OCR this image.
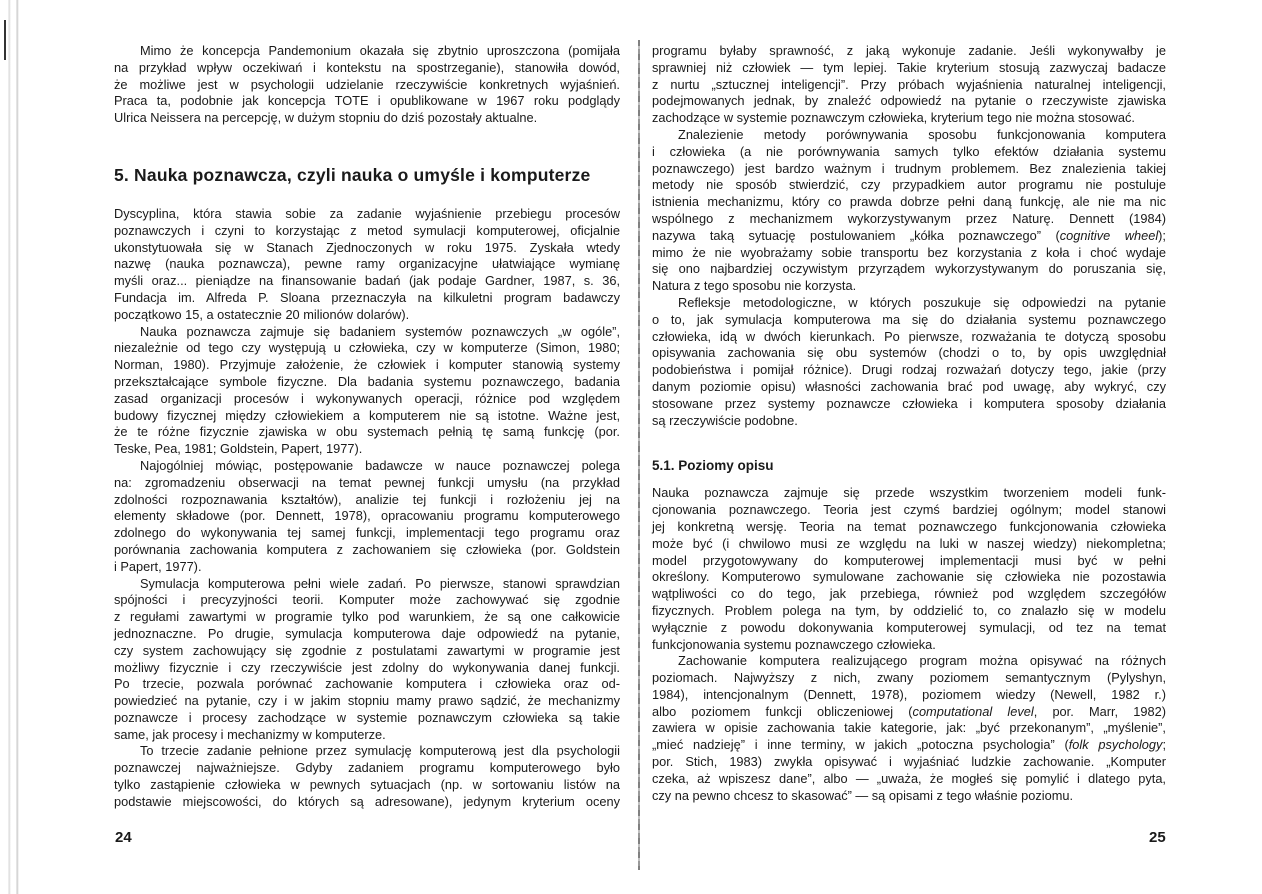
Mimo że koncepcja Pandemonium okazała się zbytnio uproszczona (pomijała
na przykład wpływ oczekiwań i kontekstu na spostrzeganie), stanowiła dowód,
że możliwe jest w psychologii udzielanie rzeczywiście konkretnych wyjaśnień.
Praca ta, podobnie jak koncepcja TOTE i opublikowane w 1967 roku podglądy
Ulrica Neissera na percepcję, w dużym stopniu do dziś pozostały aktualne.
5. Nauka poznawcza, czyli nauka o umyśle i komputerze
Dyscyplina, która stawia sobie za zadanie wyjaśnienie przebiegu procesów
poznawczych i czyni to korzystając z metod symulacji komputerowej, oficjalnie
ukonstytuowała się w Stanach Zjednoczonych w roku 1975. Zyskała wtedy
nazwę (nauka poznawcza), pewne ramy organizacyjne ułatwiające wymianę
myśli oraz... pieniądze na finansowanie badań (jak podaje Gardner, 1987, s. 36,
Fundacja im. Alfreda P. Sloana przeznaczyła na kilkuletni program badawczy
początkowo 15, a ostatecznie 20 milionów dolarów).
Nauka poznawcza zajmuje się badaniem systemów poznawczych „w ogóle”,
niezależnie od tego czy występują u człowieka, czy w komputerze (Simon, 1980;
Norman, 1980). Przyjmuje założenie, że człowiek i komputer stanowią systemy
przekształcające symbole fizyczne. Dla badania systemu poznawczego, badania
zasad organizacji procesów i wykonywanych operacji, różnice pod względem
budowy fizycznej między człowiekiem a komputerem nie są istotne. Ważne jest,
że te różne fizycznie zjawiska w obu systemach pełnią tę samą funkcję (por.
Teske, Pea, 1981; Goldstein, Papert, 1977).
Najogólniej mówiąc, postępowanie badawcze w nauce poznawczej polega
na: zgromadzeniu obserwacji na temat pewnej funkcji umysłu (na przykład
zdolności rozpoznawania kształtów), analizie tej funkcji i rozłożeniu jej na
elementy składowe (por. Dennett, 1978), opracowaniu programu komputerowego
zdolnego do wykonywania tej samej funkcji, implementacji tego programu oraz
porównania zachowania komputera z zachowaniem się człowieka (por. Goldstein
i Papert, 1977).
Symulacja komputerowa pełni wiele zadań. Po pierwsze, stanowi sprawdzian
spójności i precyzyjności teorii. Komputer może zachowywać się zgodnie
z regułami zawartymi w programie tylko pod warunkiem, że są one całkowicie
jednoznaczne. Po drugie, symulacja komputerowa daje odpowiedź na pytanie,
czy system zachowujący się zgodnie z postulatami zawartymi w programie jest
możliwy fizycznie i czy rzeczywiście jest zdolny do wykonywania danej funkcji.
Po trzecie, pozwala porównać zachowanie komputera i człowieka oraz od-
powiedzieć na pytanie, czy i w jakim stopniu mamy prawo sądzić, że mechanizmy
poznawcze i procesy zachodzące w systemie poznawczym człowieka są takie
same, jak procesy i mechanizmy w komputerze.
To trzecie zadanie pełnione przez symulację komputerową jest dla psychologii
poznawczej najważniejsze. Gdyby zadaniem programu komputerowego było
tylko zastąpienie człowieka w pewnych sytuacjach (np. w sortowaniu listów na
podstawie miejscowości, do których są adresowane), jedynym kryterium oceny
programu byłaby sprawność, z jaką wykonuje zadanie. Jeśli wykonywałby je
sprawniej niż człowiek — tym lepiej. Takie kryterium stosują zazwyczaj badacze
z nurtu „sztucznej inteligencji”. Przy próbach wyjaśnienia naturalnej inteligencji,
podejmowanych jednak, by znaleźć odpowiedź na pytanie o rzeczywiste zjawiska
zachodzące w systemie poznawczym człowieka, kryterium tego nie można stosować.
Znalezienie metody porównywania sposobu funkcjonowania komputera
i człowieka (a nie porównywania samych tylko efektów działania systemu
poznawczego) jest bardzo ważnym i trudnym problemem. Bez znalezienia takiej
metody nie sposób stwierdzić, czy przypadkiem autor programu nie postuluje
istnienia mechanizmu, który co prawda dobrze pełni daną funkcję, ale nie ma nic
wspólnego z mechanizmem wykorzystywanym przez Naturę. Dennett (1984)
nazywa taką sytuację postulowaniem „kółka poznawczego” (cognitive wheel);
mimo że nie wyobrażamy sobie transportu bez korzystania z koła i choć wydaje
się ono najbardziej oczywistym przyrządem wykorzystywanym do poruszania się,
Natura z tego sposobu nie korzysta.
Refleksje metodologiczne, w których poszukuje się odpowiedzi na pytanie
o to, jak symulacja komputerowa ma się do działania systemu poznawczego
człowieka, idą w dwóch kierunkach. Po pierwsze, rozważania te dotyczą sposobu
opisywania zachowania się obu systemów (chodzi o to, by opis uwzględniał
podobieństwa i pomijał różnice). Drugi rodzaj rozważań dotyczy tego, jakie (przy
danym poziomie opisu) własności zachowania brać pod uwagę, aby wykryć, czy
stosowane przez systemy poznawcze człowieka i komputera sposoby działania
są rzeczywiście podobne.
5.1. Poziomy opisu
Nauka poznawcza zajmuje się przede wszystkim tworzeniem modeli funk-
cjonowania poznawczego. Teoria jest czymś bardziej ogólnym; model stanowi
jej konkretną wersję. Teoria na temat poznawczego funkcjonowania człowieka
może być (i chwilowo musi ze względu na luki w naszej wiedzy) niekompletna;
model przygotowywany do komputerowej implementacji musi być w pełni
określony. Komputerowo symulowane zachowanie się człowieka nie pozostawia
wątpliwości co do tego, jak przebiega, również pod względem szczegółów
fizycznych. Problem polega na tym, by oddzielić to, co znalazło się w modelu
wyłącznie z powodu dokonywania komputerowej symulacji, od tez na temat
funkcjonowania systemu poznawczego człowieka.
Zachowanie komputera realizującego program można opisywać na różnych
poziomach. Najwyższy z nich, zwany poziomem semantycznym (Pylyshyn,
1984), intencjonalnym (Dennett, 1978), poziomem wiedzy (Newell, 1982 r.)
albo poziomem funkcji obliczeniowej (computational level, por. Marr, 1982)
zawiera w opisie zachowania takie kategorie, jak: „być przekonanym”, „myślenie”,
„mieć nadzieję” i inne terminy, w jakich „potoczna psychologia” (folk psychology;
por. Stich, 1983) zwykła opisywać i wyjaśniać ludzkie zachowanie. „Komputer
czeka, aż wpiszesz dane”, albo — „uważa, że mogłeś się pomylić i dlatego pyta,
czy na pewno chcesz to skasować” — są opisami z tego właśnie poziomu.
24	25
